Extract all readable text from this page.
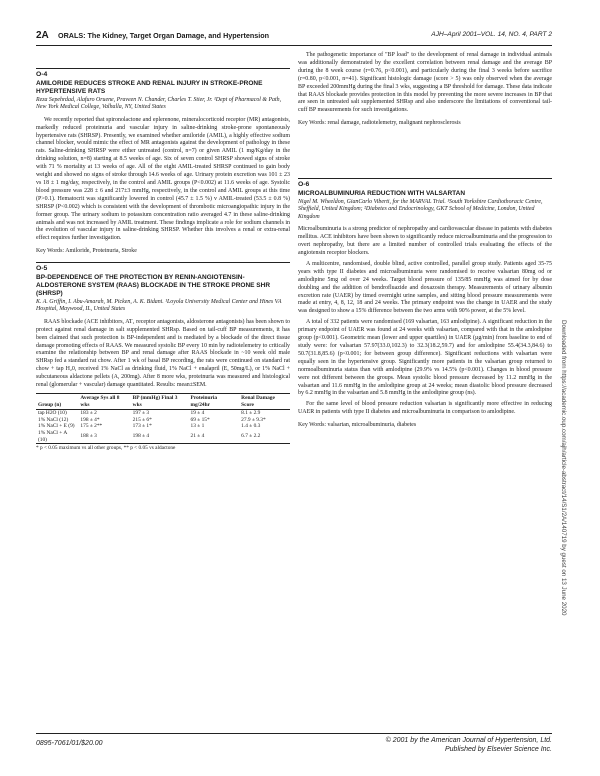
2A ORALS: The Kidney, Target Organ Damage, and Hypertension	AJH–April 2001–VOL. 14, NO. 4, PART 2
O-4
AMILORIDE REDUCES STROKE AND RENAL INJURY IN STROKE-PRONE HYPERTENSIVE RATS
Reza Sepehrdad, Alafuro Oruene, Praveen N. Chander, Charles T. Stier, Jr. ¹Dept of Pharmacol & Path, New York Medical College, Valhalla, NY, United States

We recently reported that spironolactone and eplerenone, mineralocorticoid receptor (MR) antagonists, markedly reduced proteinuria and vascular injury in saline-drinking stroke-prone spontaneously hypertensive rats (SHRSP). Presently, we examined whether amiloride (AMIL), a highly effective sodium channel blocker, would mimic the effect of MR antagonists against the development of pathology in these rats. Saline-drinking SHRSP were either untreated (control, n=7) or given AMIL (1 mg/Kg/day in the drinking solution, n=8) starting at 8.5 weeks of age. Six of seven control SHRSP showed signs of stroke with 71 % mortality at 13 weeks of age. All of the eight AMIL-treated SHRSP continued to gain body weight and showed no signs of stroke through 14.6 weeks of age. Urinary protein excretion was 101 ± 23 vs 18 ± 1 mg/day, respectively, in the control and AMIL groups (P<0.002) at 11.6 weeks of age. Systolic blood pressure was 228 ± 6 and 217±3 mmHg, respectively, in the control and AMIL groups at this time (P>0.1). Hematocrit was significantly lowered in control (45.7 ± 1.5 %) v AMIL-treated (53.5 ± 0.8 %) SHRSP (P<0.002) which is consistent with the development of thrombotic microangiopathic injury in the former group. The urinary sodium to potassium concentration ratio averaged 4.7 in these saline-drinking animals and was not increased by AMIL treatment. These findings implicate a role for sodium channels in the evolution of vascular injury in saline-drinking SHRSP. Whether this involves a renal or extra-renal effect requires further investigation.

Key Words: Amiloride, Proteinuria, Stroke
O-5
BP-DEPENDENCE OF THE PROTECTION BY RENIN-ANGIOTENSIN-ALDOSTERONE SYSTEM (RAAS) BLOCKADE IN THE STROKE PRONE SHR (SHRSP)
K. A. Griffin, I. Abu-Amarah, M. Picken, A. K. Bidani. ¹Loyola University Medical Center and Hines VA Hospital, Maywood, IL, United States

RAAS blockade (ACE inhibitors, AT₁ receptor antagonists, aldosterone antagonists) has been shown to protect against renal damage in salt supplemented SHRsp. Based on tail-cuff BP measurements, it has been claimed that such protection is BP-independent and is mediated by a blockade of the direct tissue damage promoting effects of RAAS. We measured systolic BP every 10 min by radiotelemetry to critically examine the relationship between BP and renal damage after RAAS blockade in ~10 week old male SHRsp fed a standard rat chow. After 1 wk of basal BP recording, the rats were continued on standard rat chow + tap H₂0, received 1% NaCl as drinking fluid, 1% NaCl + enalapril (E, 50mg/L), or 1% NaCl + subcutaneous aldactone pellets (A, 200mg). After 8 more wks, proteinuria was measured and histological renal (glomerular + vascular) damage quantitated. Results: mean±SEM.

Group (n)	Average Sys all 8 wks	BP (mmHg) Final 3 wks	Proteinuria mg/24hr	Renal Damage Score
tap H2O (10)	183 ± 2	197 ± 3	19 ± 4	8.1 ± 2.9
1% NaCl (12)	198 ± 4*	215 ± 6*	69 ± 15*	27.9 ± 9.3*
1% NaCl + E (9)	175 ± 2**	173 ± 1*	13 ± 1	1.4 ± 0.3
1% NaCl + A (10)	188 ± 3	198 ± 4	21 ± 4	6.7 ± 2.2
* p < 0.05 maximum vs all other groups, ** p < 0.05 vs aldactone

The pathogenetic importance of "BP load" to the development of renal damage in individual animals was additionally demonstrated by the excellent correlation between renal damage and the average BP during the 8 week course (r=0.76, p<0.001), and particularly during the final 3 weeks before sacrifice (r=0.80, p<0.001, n=41). Significant histologic damage (score > 5) was only observed when the average BP exceeded 200mmHg during the final 3 wks, suggesting a BP threshold for damage. These data indicate that RAAS blockade provides protection in this model by preventing the more severe increases in BP that are seen in untreated salt supplemented SHRsp and also underscore the limitations of conventional tail-cuff BP measurements for such investigations.

Key Words: renal damage, radiotelemetry, malignant nephrosclerosis
O-6
MICROALBUMINURIA REDUCTION WITH VALSARTAN
Nigel M. Wheeldon, GianCarlo Viberti, for the MARVAL Trial. ¹South Yorkshire Cardiothoracic Centre, Sheffield, United Kingdom; ²Diabetes and Endocrinology, GKT School of Medicine, London, United Kingdom

Microalbuminuria is a strong predictor of nephropathy and cardiovascular disease in patients with diabetes mellitus. ACE inhibitors have been shown to significantly reduce microalbuminuria and the progression to overt nephropathy, but there are a limited number of controlled trials evaluating the effects of the angiotensin receptor blockers.

A multicentre, randomised, double blind, active controlled, parallel group study. Patients aged 35-75 years with type II diabetes and microalbuminuria were randomised to receive valsartan 80mg od or amlodipine 5mg od over 24 weeks. Target blood pressure of 135/85 mmHg was aimed for by dose doubling and the addition of bendrofluazide and doxazosin therapy. Measurements of urinary albumin excretion rate (UAER) by timed overnight urine samples, and sitting blood pressure measurements were made at entry, 4, 8, 12, 18 and 24 weeks. The primary endpoint was the change in UAER and the study was designed to show a 15% difference between the two arms with 90% power, at the 5% level.

A total of 332 patients were randomised (169 valsartan, 163 amlodipine). A significant reduction in the primary endpoint of UAER was found at 24 weeks with valsartan, compared with that in the amlodipine group (p<0.001). Geometric mean (lower and upper quartiles) in UAER (µg/min) from baseline to end of study were: for valsartan 57.97(33.0,102.3) to 32.3(18.2,59.7) and for amlodipine 55.4(34.3,84.6) to 50.7(31.8,85.6) (p<0.001; for between group difference). Significant reductions with valsartan were equally seen in the hypertensive group. Significantly more patients in the valsartan group returned to normoalbuminuria status than with amlodipine (29.9% vs 14.5% (p<0.001). Changes in blood pressure were not different between the groups. Mean systolic blood pressure decreased by 11.2 mmHg in the valsartan and 11.6 mmHg in the amlodipine group at 24 weeks; mean diastolic blood pressure decreased by 6.2 mmHg in the valsartan and 5.8 mmHg in the amlodipine group (ns).

For the same level of blood pressure reduction valsartan is significantly more effective in reducing UAER in patients with type II diabetes and microalbuminuria in comparison to amlodipine.

Key Words: valsartan, microalbuminuria, diabetes	Downloaded from https://academic.oup.com/ajh/article-abstract/14/S1/2A/140719 by guest on 13 June 2020
0895-7061/01/$20.00	© 2001 by the American Journal of Hypertension, Ltd.
Published by Elsevier Science Inc.
